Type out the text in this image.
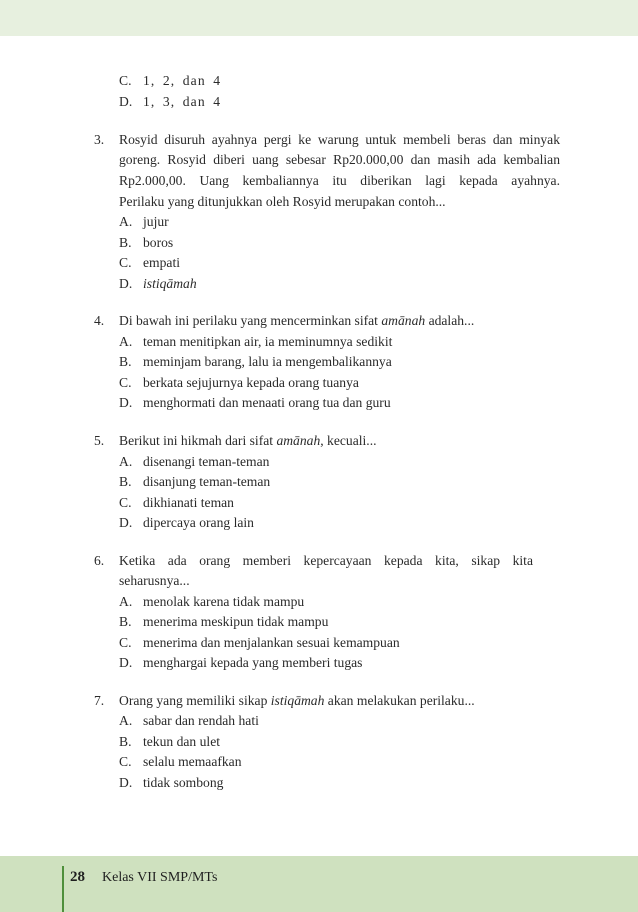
C. 1, 2, dan 4
D. 1, 3, dan 4
3. Rosyid disuruh ayahnya pergi ke warung untuk membeli beras dan minyak
goreng. Rosyid diberi uang sebesar Rp20.000,00 dan masih ada kembalian
Rp2.000,00. Uang kembaliannya itu diberikan lagi kepada ayahnya.
Perilaku yang ditunjukkan oleh Rosyid merupakan contoh...
A. jujur
B. boros
C. empati
D. istiqāmah
4. Di bawah ini perilaku yang mencerminkan sifat amānah adalah...
A. teman menitipkan air, ia meminumnya sedikit
B. meminjam barang, lalu ia mengembalikannya
C. berkata sejujurnya kepada orang tuanya
D. menghormati dan menaati orang tua dan guru
5. Berikut ini hikmah dari sifat amānah, kecuali...
A. disenangi teman-teman
B. disanjung teman-teman
C. dikhianati teman
D. dipercaya orang lain
6. Ketika ada orang memberi kepercayaan kepada kita, sikap kita
seharusnya...
A. menolak karena tidak mampu
B. menerima meskipun tidak mampu
C. menerima dan menjalankan sesuai kemampuan
D. menghargai kepada yang memberi tugas
7. Orang yang memiliki sikap istiqāmah akan melakukan perilaku...
A. sabar dan rendah hati
B. tekun dan ulet
C. selalu memaafkan
D. tidak sombong
28 Kelas VII SMP/MTs
